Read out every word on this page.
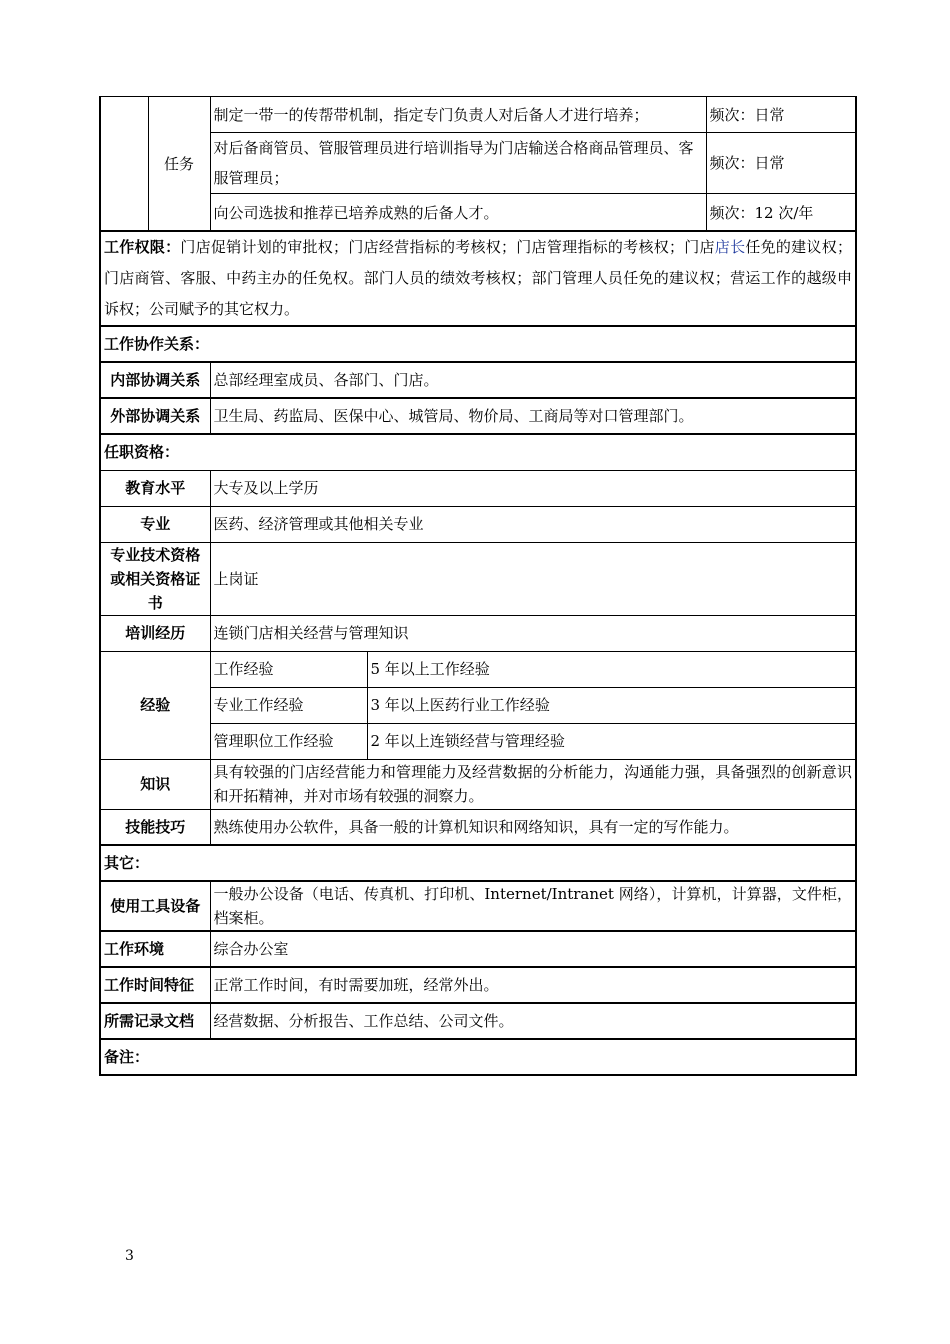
	任务	制定一带一的传帮带机制，指定专门负责人对后备人才进行培养；	频次：日常
		对后备商管员、管服管理员进行培训指导为门店输送合格商品管理员、客服管理员；	频次：日常
		向公司选拔和推荐已培养成熟的后备人才。	频次：12 次/年
工作权限：门店促销计划的审批权；门店经营指标的考核权；门店管理指标的考核权；门店店长任免的建议权；门店商管、客服、中药主办的任免权。部门人员的绩效考核权；部门管理人员任免的建议权；营运工作的越级申诉权；公司赋予的其它权力。		
工作协作关系：		
内部协调关系	总部经理室成员、各部门、门店。	
外部协调关系	卫生局、药监局、医保中心、城管局、物价局、工商局等对口管理部门。	
任职资格：		
教育水平	大专及以上学历	
专业	医药、经济管理或其他相关专业	
专业技术资格或相关资格证书	上岗证	
培训经历	连锁门店相关经营与管理知识	
经验	工作经验	5 年以上工作经验
	专业工作经验	3 年以上医药行业工作经验
	管理职位工作经验	2 年以上连锁经营与管理经验
知识	具有较强的门店经营能力和管理能力及经营数据的分析能力，沟通能力强，具备强烈的创新意识和开拓精神，并对市场有较强的洞察力。	
技能技巧	熟练使用办公软件，具备一般的计算机知识和网络知识，具有一定的写作能力。	
其它：		
使用工具设备	一般办公设备（电话、传真机、打印机、Internet/Intranet 网络），计算机，计算器，文件柜，档案柜。	
工作环境	综合办公室	
工作时间特征	正常工作时间，有时需要加班，经常外出。	
所需记录文档	经营数据、分析报告、工作总结、公司文件。	
备注：		
3
